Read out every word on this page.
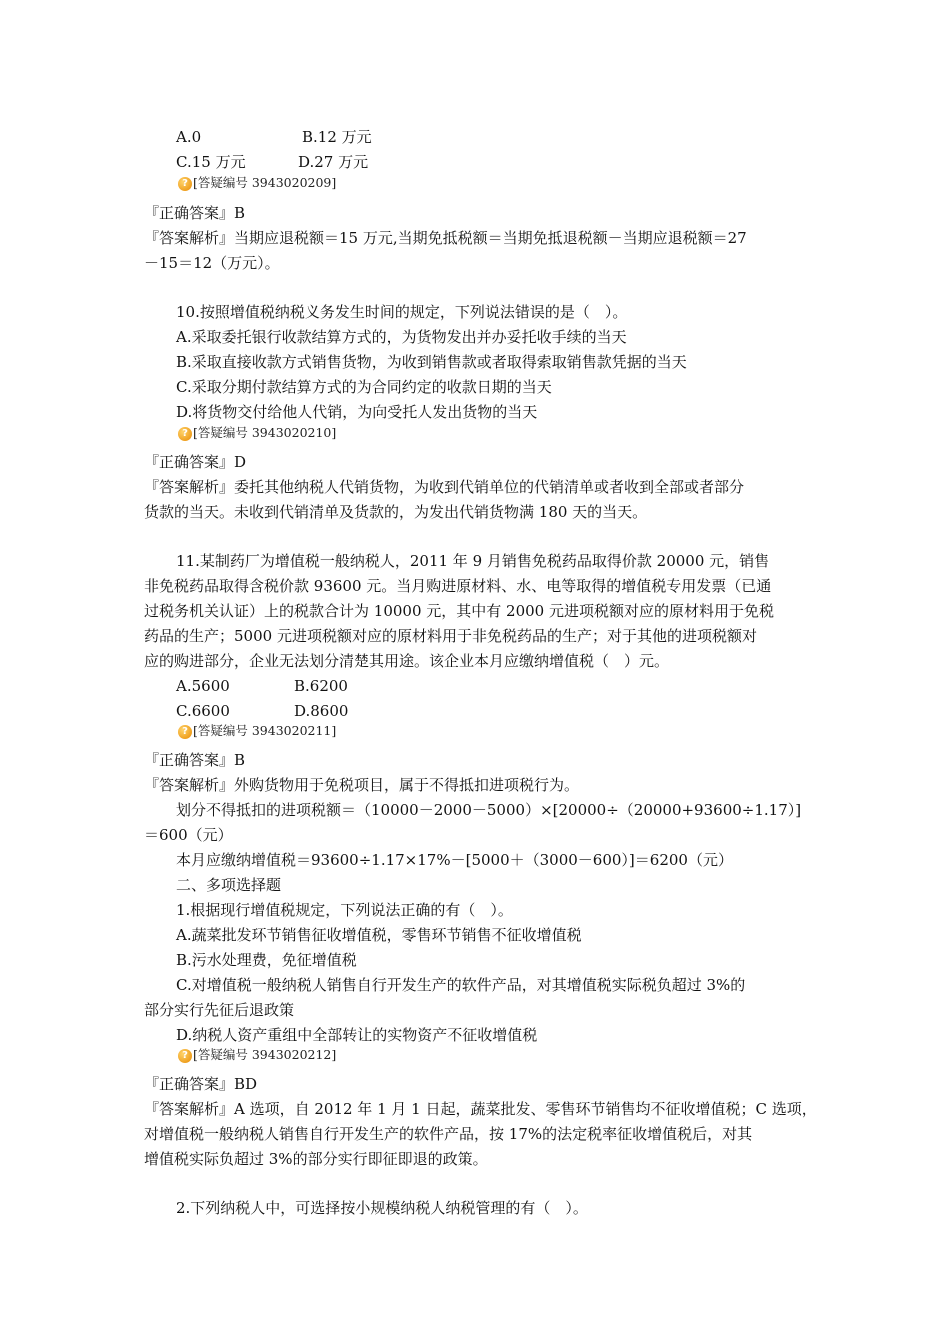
A.0	B.12 万元
C.15 万元	D.27 万元
? [答疑编号 3943020209]
『正确答案』B
『答案解析』当期应退税额＝15 万元,当期免抵税额＝当期免抵退税额－当期应退税额＝27
－15＝12（万元）。
10.按照增值税纳税义务发生时间的规定，下列说法错误的是（　）。
A.采取委托银行收款结算方式的，为货物发出并办妥托收手续的当天
B.采取直接收款方式销售货物，为收到销售款或者取得索取销售款凭据的当天
C.采取分期付款结算方式的为合同约定的收款日期的当天
D.将货物交付给他人代销，为向受托人发出货物的当天
? [答疑编号 3943020210]
『正确答案』D
『答案解析』委托其他纳税人代销货物，为收到代销单位的代销清单或者收到全部或者部分
货款的当天。未收到代销清单及货款的，为发出代销货物满 180 天的当天。
11.某制药厂为增值税一般纳税人，2011 年 9 月销售免税药品取得价款 20000 元，销售
非免税药品取得含税价款 93600 元。当月购进原材料、水、电等取得的增值税专用发票（已通
过税务机关认证）上的税款合计为 10000 元，其中有 2000 元进项税额对应的原材料用于免税
药品的生产；5000 元进项税额对应的原材料用于非免税药品的生产；对于其他的进项税额对
应的购进部分，企业无法划分清楚其用途。该企业本月应缴纳增值税（　）元。
A.5600	B.6200
C.6600	D.8600
? [答疑编号 3943020211]
『正确答案』B
『答案解析』外购货物用于免税项目，属于不得抵扣进项税行为。
划分不得抵扣的进项税额＝（10000－2000－5000）×[20000÷（20000+93600÷1.17）]
＝600（元）
本月应缴纳增值税＝93600÷1.17×17%－[5000＋（3000－600）]＝6200（元）
二、多项选择题
1.根据现行增值税规定，下列说法正确的有（　）。
A.蔬菜批发环节销售征收增值税，零售环节销售不征收增值税
B.污水处理费，免征增值税
C.对增值税一般纳税人销售自行开发生产的软件产品，对其增值税实际税负超过 3%的
部分实行先征后退政策
D.纳税人资产重组中全部转让的实物资产不征收增值税
? [答疑编号 3943020212]
『正确答案』BD
『答案解析』A 选项，自 2012 年 1 月 1 日起，蔬菜批发、零售环节销售均不征收增值税；C 选项，
对增值税一般纳税人销售自行开发生产的软件产品，按 17%的法定税率征收增值税后，对其
增值税实际负超过 3%的部分实行即征即退的政策。
2.下列纳税人中，可选择按小规模纳税人纳税管理的有（　）。
